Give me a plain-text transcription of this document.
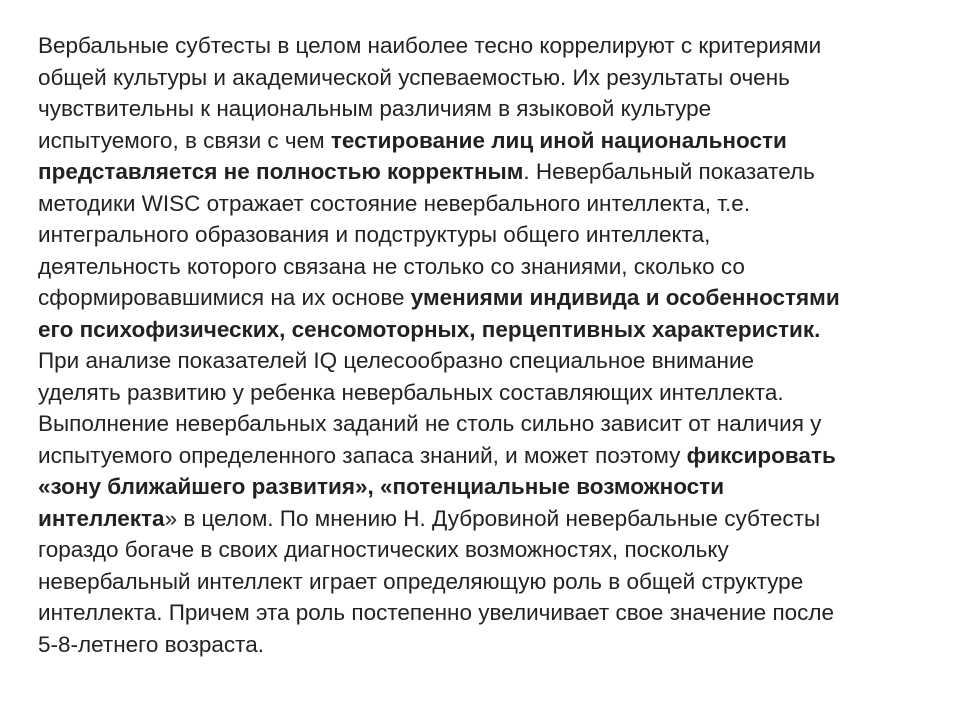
Вербальные субтесты в целом наиболее тесно коррелируют с критериями
общей культуры и академической успеваемостью. Их результаты очень
чувствительны к национальным различиям в языковой культуре
испытуемого, в связи с чем тестирование лиц иной национальности
представляется не полностью корректным. Невербальный показатель
методики WISC отражает состояние невербального интеллекта, т.е.
интегрального образования и подструктуры общего интеллекта,
деятельность которого связана не столько со знаниями, сколько со
сформировавшимися на их основе умениями индивида и особенностями
его психофизических, сенсомоторных, перцептивных характеристик.
При анализе показателей IQ целесообразно специальное внимание
уделять развитию у ребенка невербальных составляющих интеллекта.
Выполнение невербальных заданий не столь сильно зависит от наличия у
испытуемого определенного запаса знаний, и может поэтому фиксировать
«зону ближайшего развития», «потенциальные возможности
интеллекта» в целом. По мнению Н. Дубровиной невербальные субтесты
гораздо богаче в своих диагностических возможностях, поскольку
невербальный интеллект играет определяющую роль в общей структуре
интеллекта. Причем эта роль постепенно увеличивает свое значение после
5-8-летнего возраста.
